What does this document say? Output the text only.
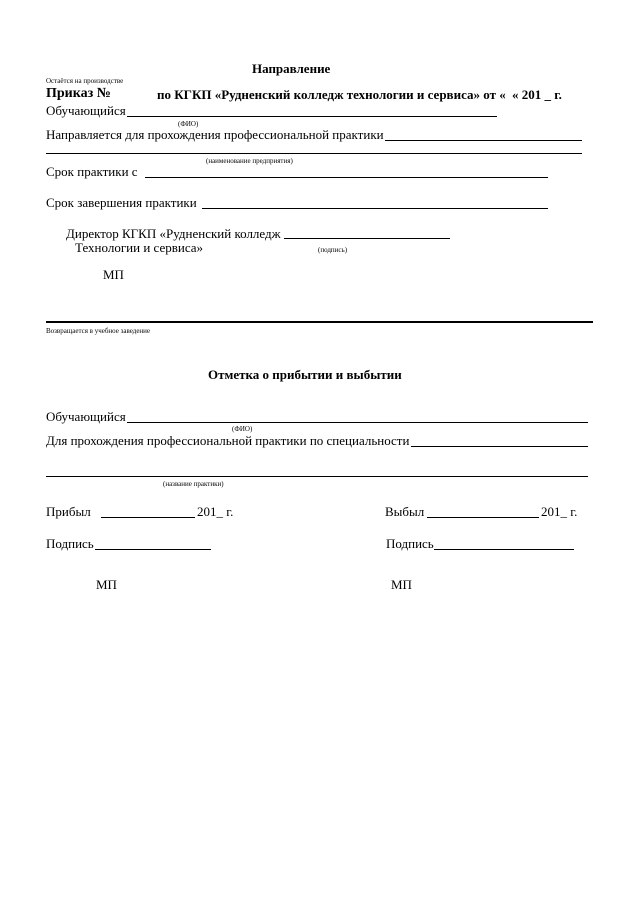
Направление
Остаётся на производстве
Приказ №	по КГКП «Рудненский колледж технологии и сервиса» от « « 201 _ г.
Обучающийся
(ФИО)
Направляется для прохождения профессиональной практики
(наименование предприятия)
Срок практики с
Срок завершения практики
Директор КГКП «Рудненский колледж
Технологии и сервиса»	(подпись)
МП
Возвращается в учебное заведение
Отметка о прибытии и выбытии
Обучающийся
(ФИО)
Для прохождения профессиональной практики по специальности
(название практики)
Прибыл	201_ г.	Выбыл	201_ г.
Подпись	Подпись
МП	МП
